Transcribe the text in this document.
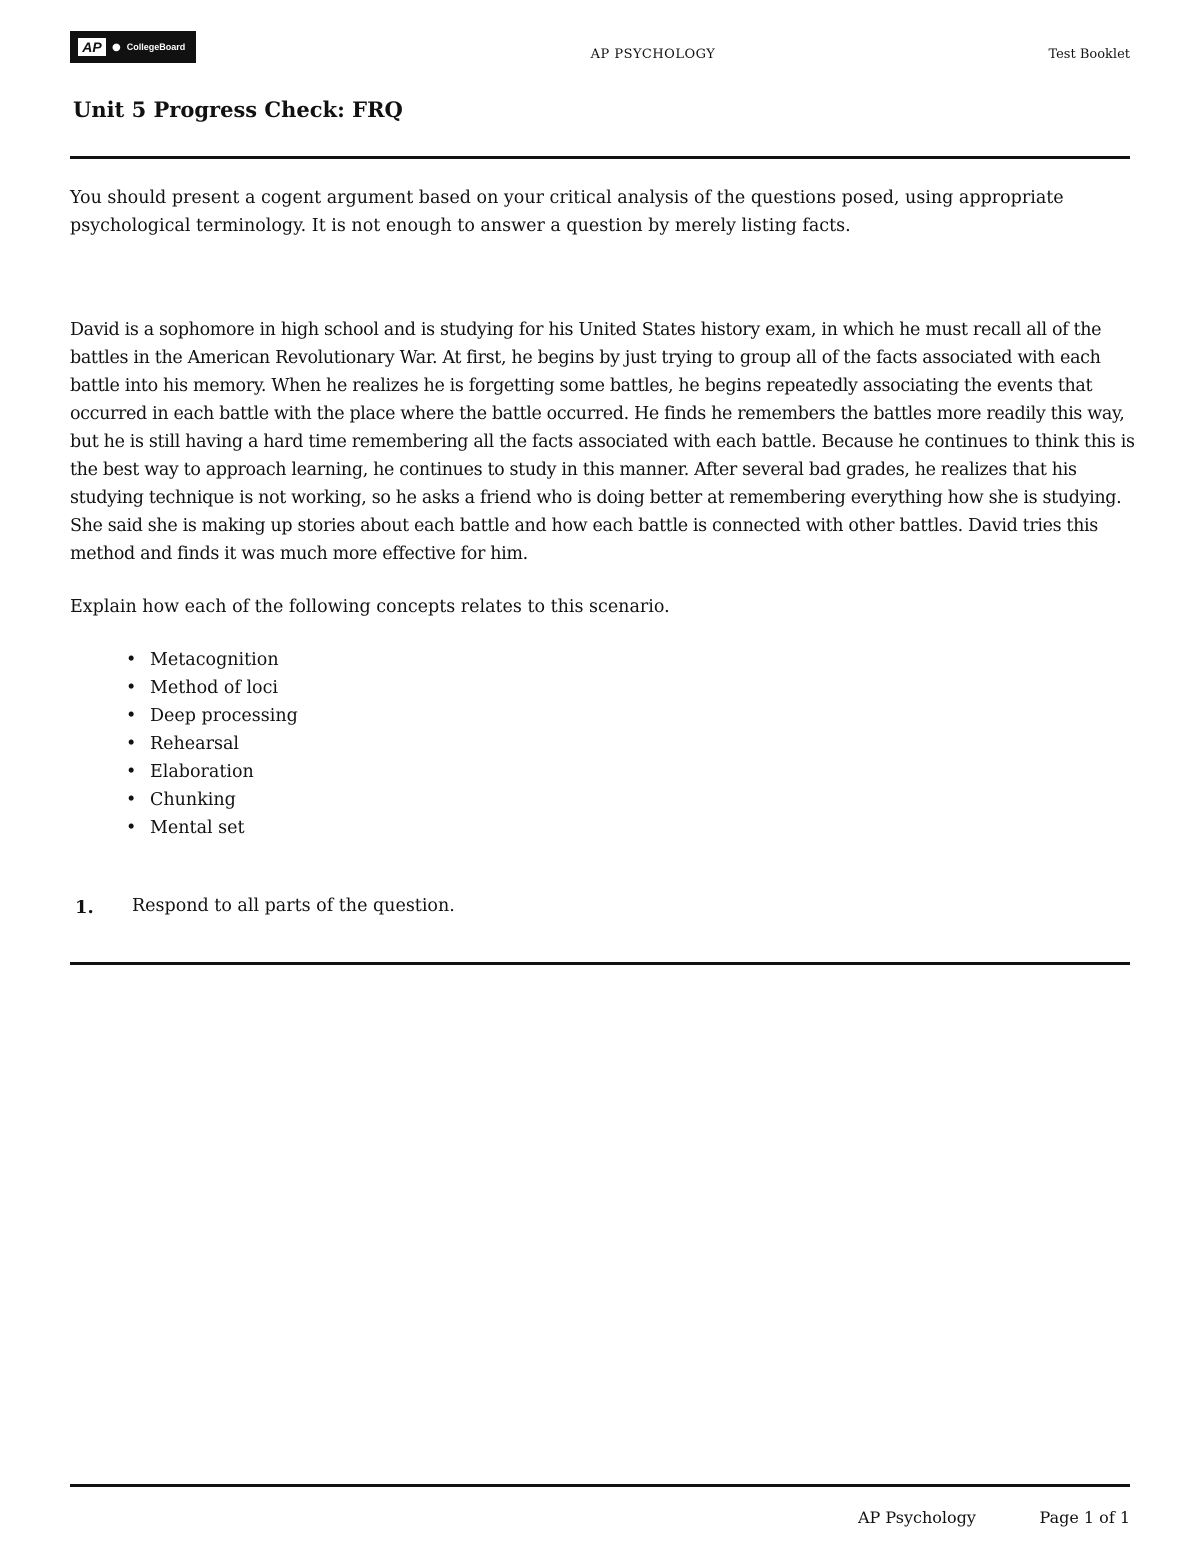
AP	● CollegeBoard	AP PSYCHOLOGY	Test Booklet
Unit 5 Progress Check: FRQ
You should present a cogent argument based on your critical analysis of the questions posed, using appropriate psychological terminology. It is not enough to answer a question by merely listing facts.
David is a sophomore in high school and is studying for his United States history exam, in which he must recall all of the battles in the American Revolutionary War. At first, he begins by just trying to group all of the facts associated with each battle into his memory. When he realizes he is forgetting some battles, he begins repeatedly associating the events that occurred in each battle with the place where the battle occurred. He finds he remembers the battles more readily this way, but he is still having a hard time remembering all the facts associated with each battle. Because he continues to think this is the best way to approach learning, he continues to study in this manner. After several bad grades, he realizes that his studying technique is not working, so he asks a friend who is doing better at remembering everything how she is studying. She said she is making up stories about each battle and how each battle is connected with other battles. David tries this method and finds it was much more effective for him.
Explain how each of the following concepts relates to this scenario.
• Metacognition
• Method of loci
• Deep processing
• Rehearsal
• Elaboration
• Chunking
• Mental set
1. Respond to all parts of the question.
AP Psychology	Page 1 of 1
